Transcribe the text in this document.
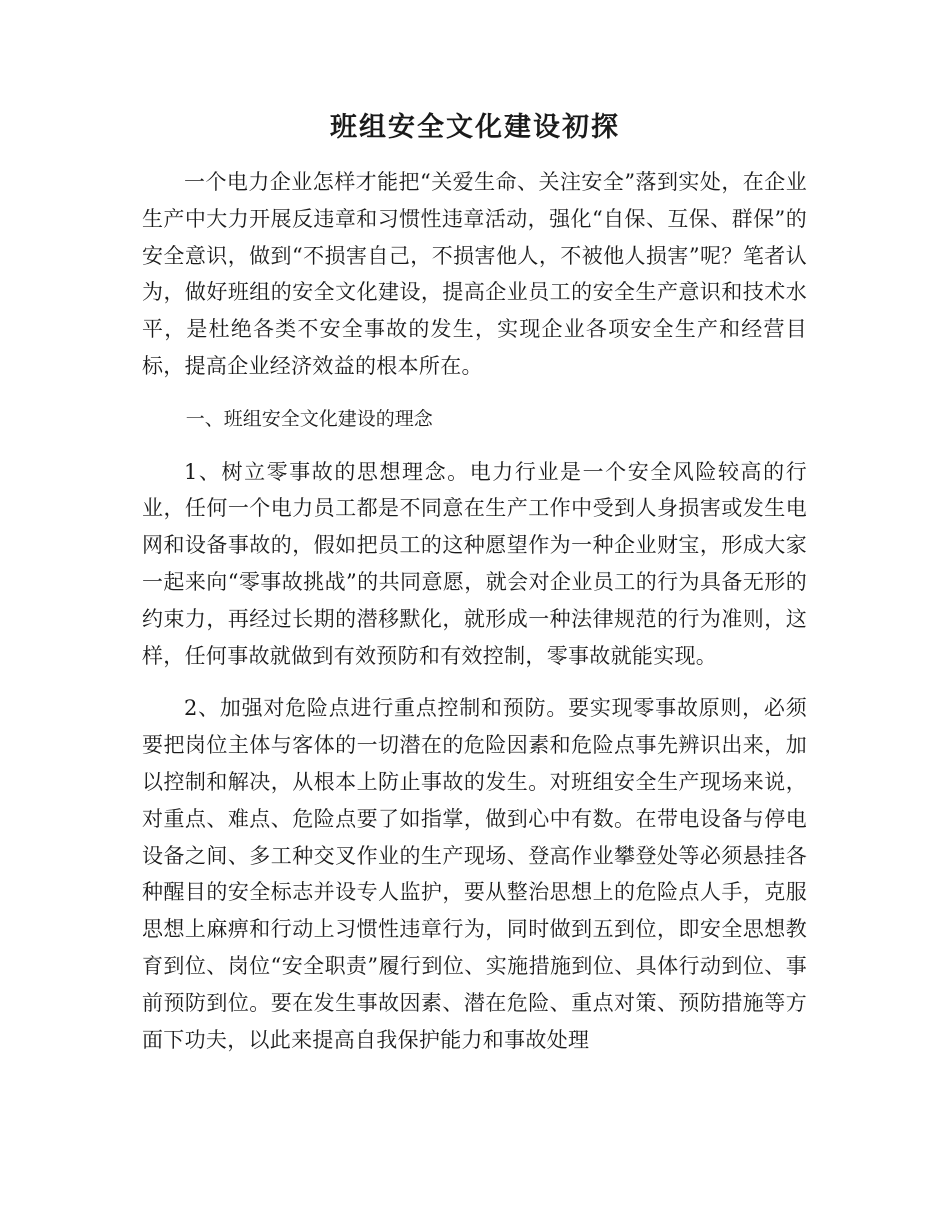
班组安全文化建设初探

一个电力企业怎样才能把“关爱生命、关注安全”落到实处，在企业生产中大力开展反违章和习惯性违章活动，强化“自保、互保、群保”的安全意识，做到“不损害自己，不损害他人，不被他人损害”呢？笔者认为，做好班组的安全文化建设，提高企业员工的安全生产意识和技术水平，是杜绝各类不安全事故的发生，实现企业各项安全生产和经营目标，提高企业经济效益的根本所在。

一、班组安全文化建设的理念

1、树立零事故的思想理念。电力行业是一个安全风险较高的行业，任何一个电力员工都是不同意在生产工作中受到人身损害或发生电网和设备事故的，假如把员工的这种愿望作为一种企业财宝，形成大家一起来向“零事故挑战”的共同意愿，就会对企业员工的行为具备无形的约束力，再经过长期的潜移默化，就形成一种法律规范的行为准则，这样，任何事故就做到有效预防和有效控制，零事故就能实现。

2、加强对危险点进行重点控制和预防。要实现零事故原则，必须要把岗位主体与客体的一切潜在的危险因素和危险点事先辨识出来，加以控制和解决，从根本上防止事故的发生。对班组安全生产现场来说，对重点、难点、危险点要了如指掌，做到心中有数。在带电设备与停电设备之间、多工种交叉作业的生产现场、登高作业攀登处等必须悬挂各种醒目的安全标志并设专人监护，要从整治思想上的危险点人手，克服思想上麻痹和行动上习惯性违章行为，同时做到五到位，即安全思想教育到位、岗位“安全职责”履行到位、实施措施到位、具体行动到位、事前预防到位。要在发生事故因素、潜在危险、重点对策、预防措施等方面下功夫，以此来提高自我保护能力和事故处理
